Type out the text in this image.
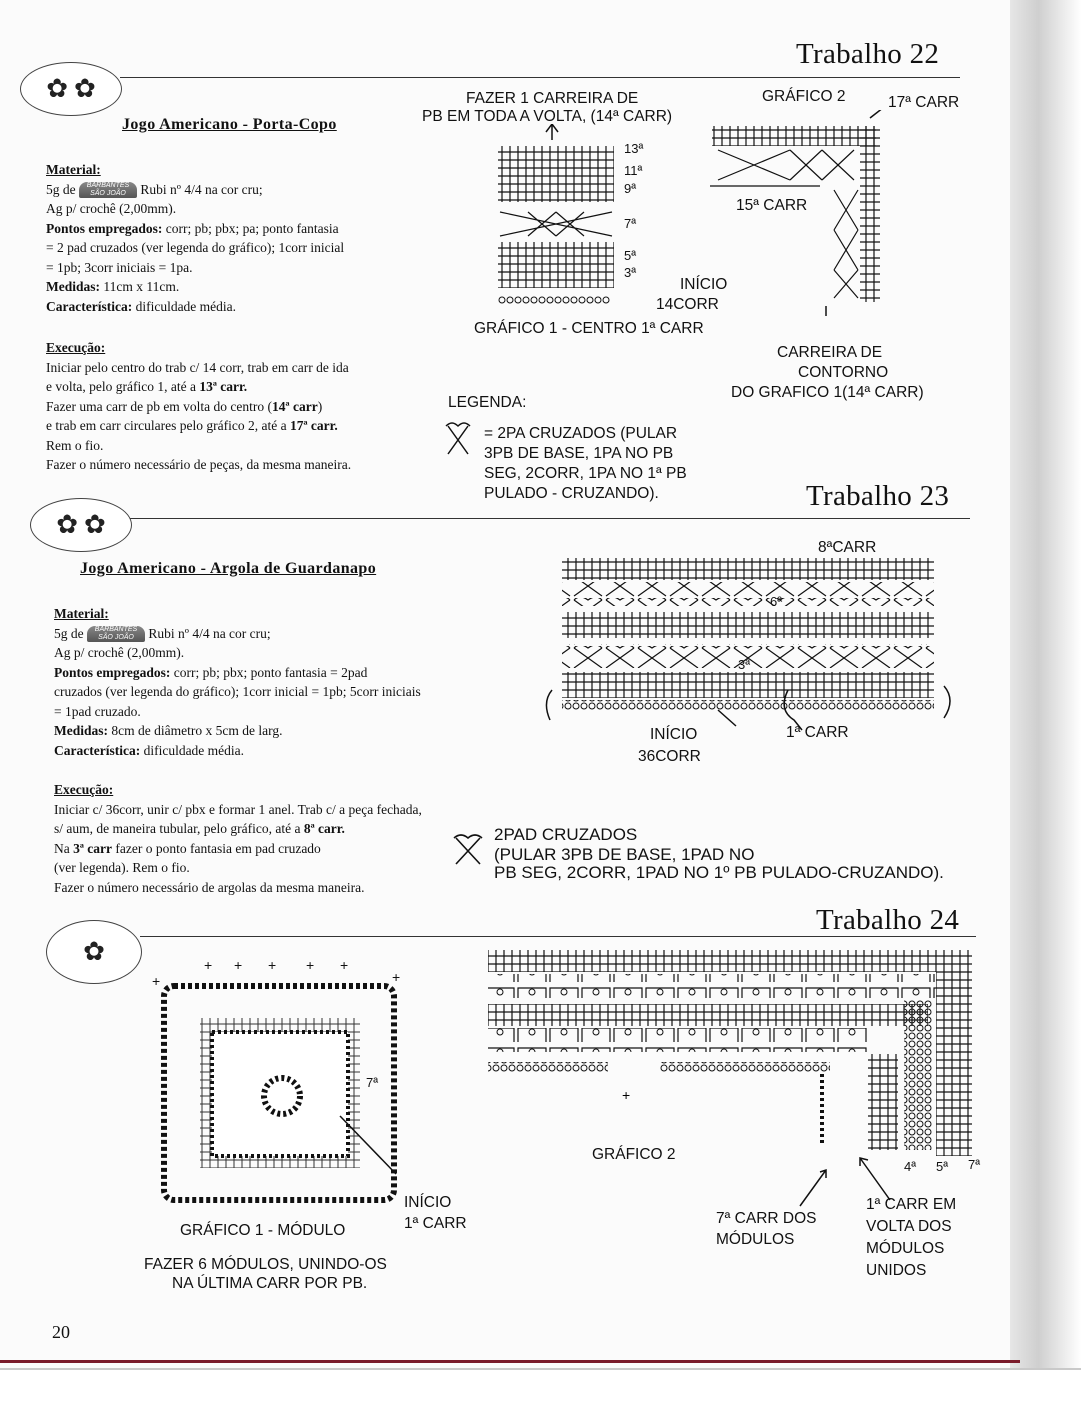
Trabalho 22
✿ ✿
Jogo Americano - Porta-Copo
Material:
5g de BARBANTES SÃO JOÃO Rubi nº 4/4 na cor cru;
Ag p/ crochê (2,00mm).
Pontos empregados: corr; pb; pbx; pa; ponto fantasia
= 2 pad cruzados (ver legenda do gráfico); 1corr inicial
= 1pb; 3corr iniciais = 1pa.
Medidas: 11cm x 11cm.
Característica: dificuldade média.
Execução:
Iniciar pelo centro do trab c/ 14 corr, trab em carr de ida
e volta, pelo gráfico 1, até a 13ª carr.
Fazer uma carr de pb em volta do centro (14ª carr)
e trab em carr circulares pelo gráfico 2, até a 17ª carr.
Rem o fio.
Fazer o número necessário de peças, da mesma maneira.
FAZER 1 CARREIRA DE
PB EM TODA A VOLTA, (14ª CARR)
GRÁFICO 2	17ª CARR
13ª
11ª
9ª
7ª
5ª
3ª
15ª CARR
INÍCIO
14CORR
GRÁFICO 1 - CENTRO 1ª CARR
CARREIRA DE
CONTORNO
DO GRAFICO 1(14ª CARR)
LEGENDA:
= 2PA CRUZADOS (PULAR
3PB DE BASE, 1PA NO PB
SEG, 2CORR, 1PA NO 1ª PB
PULADO - CRUZANDO).	Trabalho 23
✿ ✿
Jogo Americano - Argola de Guardanapo
Material:
5g de BARBANTES SÃO JOÃO Rubi nº 4/4 na cor cru;
Ag p/ crochê (2,00mm).
Pontos empregados: corr; pb; pbx; ponto fantasia = 2pad
cruzados (ver legenda do gráfico); 1corr inicial = 1pb; 5corr iniciais
= 1pad cruzado.
Medidas: 8cm de diâmetro x 5cm de larg.
Característica: dificuldade média.
Execução:
Iniciar c/ 36corr, unir c/ pbx e formar 1 anel. Trab c/ a peça fechada,
s/ aum, de maneira tubular, pelo gráfico, até a 8ª carr.
Na 3ª carr fazer o ponto fantasia em pad cruzado
(ver legenda). Rem o fio.
Fazer o número necessário de argolas da mesma maneira.
8ªCARR
INÍCIO
36CORR
1ª CARR
2PAD CRUZADOS
(PULAR 3PB DE BASE, 1PAD NO
PB SEG, 2CORR, 1PAD NO 1º PB PULADO-CRUZANDO).
Trabalho 24
✿	+ + + + +
+
+
7ª
INÍCIO
1ª CARR
GRÁFICO 1 - MÓDULO
FAZER 6 MÓDULOS, UNINDO-OS
NA ÚLTIMA CARR POR PB.
+
GRÁFICO 2
4ª 5ª 7ª
7ª CARR DOS
MÓDULOS
1ª CARR EM
VOLTA DOS
MÓDULOS
UNIDOS
20
